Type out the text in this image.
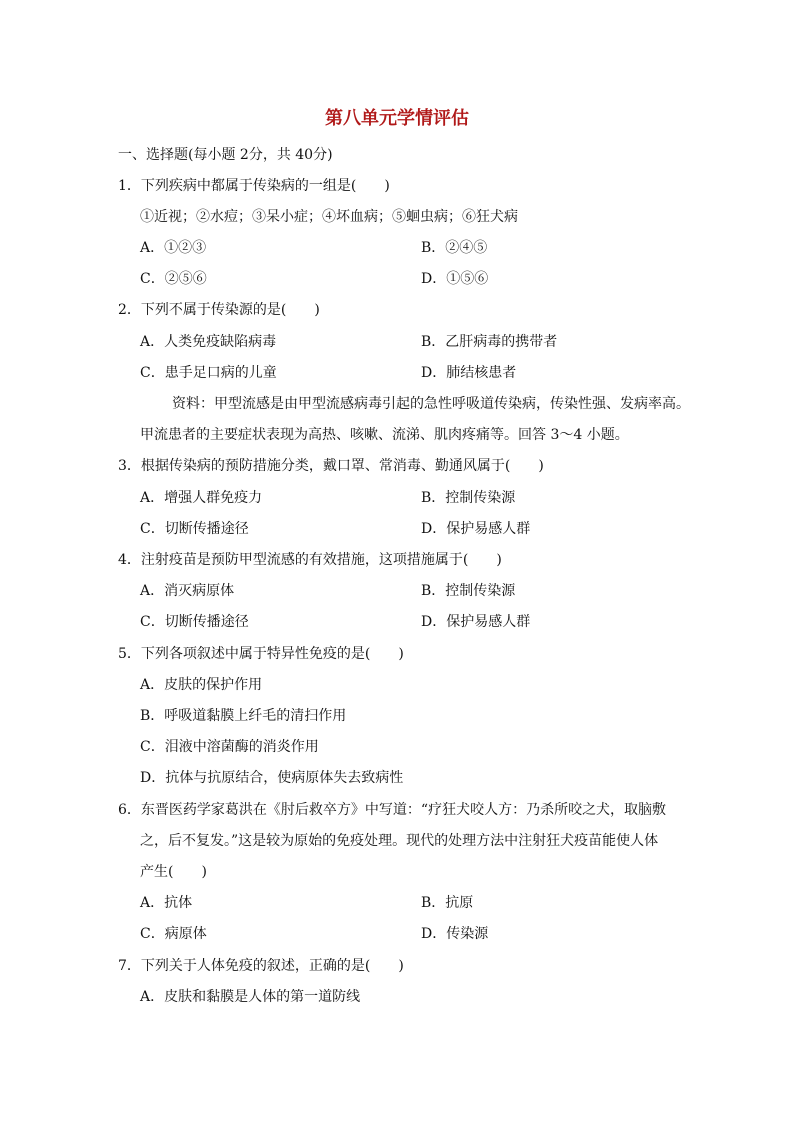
第八单元学情评估
一、选择题(每小题 2分，共 40分)
1．下列疾病中都属于传染病的一组是(　　)
①近视；②水痘；③呆小症；④坏血病；⑤蛔虫病；⑥狂犬病
A．①②③	B．②④⑤
C．②⑤⑥	D．①⑤⑥
2．下列不属于传染源的是(　　)
A．人类免疫缺陷病毒	B．乙肝病毒的携带者
C．患手足口病的儿童	D．肺结核患者
资料：甲型流感是由甲型流感病毒引起的急性呼吸道传染病，传染性强、发病率高。
甲流患者的主要症状表现为高热、咳嗽、流涕、肌肉疼痛等。回答 3～4 小题。
3．根据传染病的预防措施分类，戴口罩、常消毒、勤通风属于(　　)
A．增强人群免疫力	B．控制传染源
C．切断传播途径	D．保护易感人群
4．注射疫苗是预防甲型流感的有效措施，这项措施属于(　　)
A．消灭病原体	B．控制传染源
C．切断传播途径	D．保护易感人群
5．下列各项叙述中属于特异性免疫的是(　　)
A．皮肤的保护作用
B．呼吸道黏膜上纤毛的清扫作用
C．泪液中溶菌酶的消炎作用
D．抗体与抗原结合，使病原体失去致病性
6．东晋医药学家葛洪在《肘后救卒方》中写道：“疗狂犬咬人方：乃杀所咬之犬，取脑敷
之，后不复发。”这是较为原始的免疫处理。现代的处理方法中注射狂犬疫苗能使人体
产生(　　)
A．抗体	B．抗原
C．病原体	D．传染源
7．下列关于人体免疫的叙述，正确的是(　　)
A．皮肤和黏膜是人体的第一道防线
